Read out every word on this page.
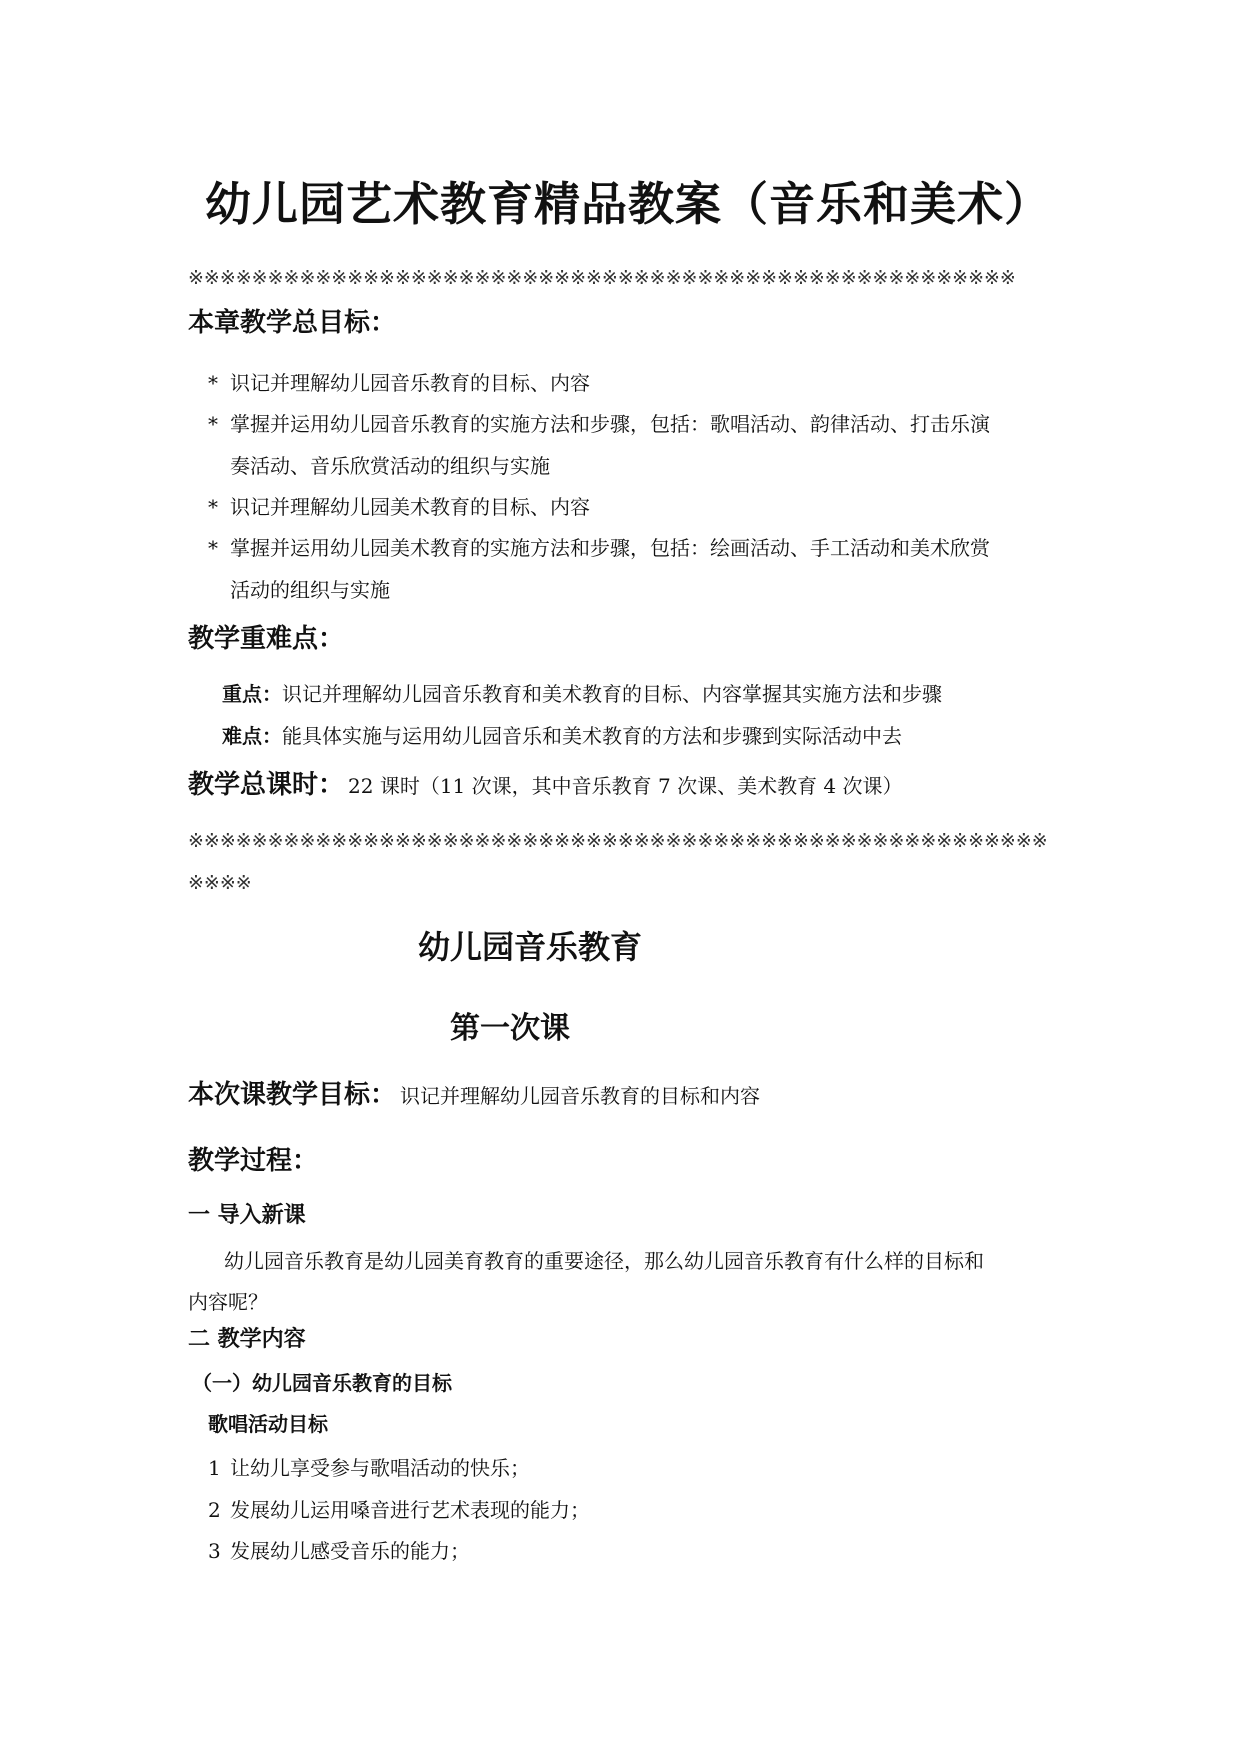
幼儿园艺术教育精品教案（音乐和美术）
※※※※※※※※※※※※※※※※※※※※※※※※※※※※※※※※※※※※※※※※※※※※※※※※※※※※
本章教学总目标：
* 识记并理解幼儿园音乐教育的目标、内容
* 掌握并运用幼儿园音乐教育的实施方法和步骤，包括：歌唱活动、韵律活动、打击乐演
奏活动、音乐欣赏活动的组织与实施
* 识记并理解幼儿园美术教育的目标、内容
* 掌握并运用幼儿园美术教育的实施方法和步骤，包括：绘画活动、手工活动和美术欣赏
活动的组织与实施
教学重难点：
重点：识记并理解幼儿园音乐教育和美术教育的目标、内容掌握其实施方法和步骤
难点：能具体实施与运用幼儿园音乐和美术教育的方法和步骤到实际活动中去
教学总课时： 22 课时（11 次课，其中音乐教育 7 次课、美术教育 4 次课）
※※※※※※※※※※※※※※※※※※※※※※※※※※※※※※※※※※※※※※※※※※※※※※※※※※※※※※
※※※※
幼儿园音乐教育
第一次课
本次课教学目标： 识记并理解幼儿园音乐教育的目标和内容
教学过程：
一 导入新课
幼儿园音乐教育是幼儿园美育教育的重要途径，那么幼儿园音乐教育有什么样的目标和
内容呢？
二 教学内容
（一）幼儿园音乐教育的目标
歌唱活动目标
1 让幼儿享受参与歌唱活动的快乐；
2 发展幼儿运用嗓音进行艺术表现的能力；
3 发展幼儿感受音乐的能力；
